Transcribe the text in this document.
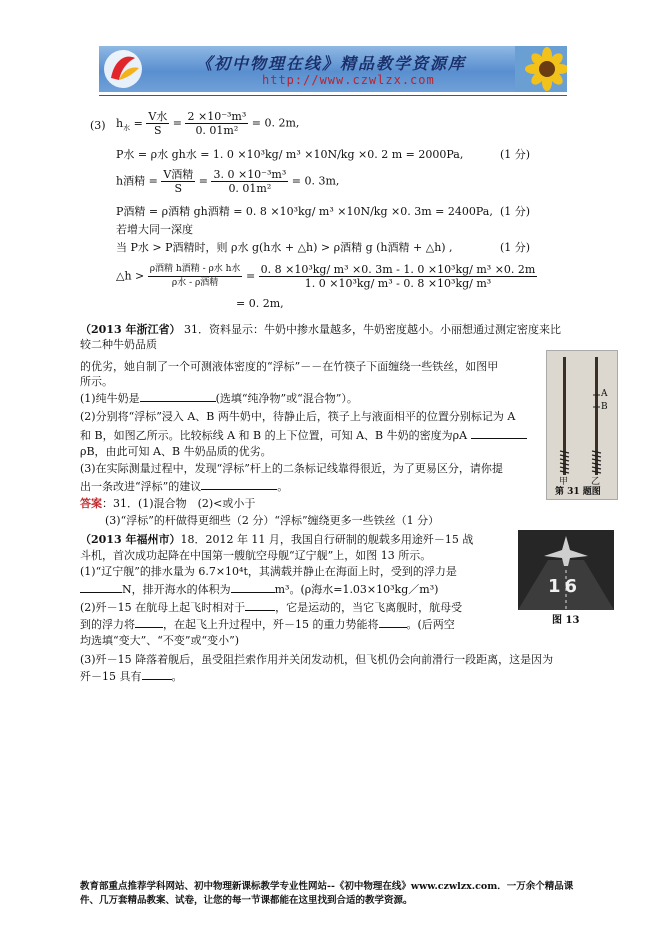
《初中物理在线》精品教学资源库
http://www.czwlzx.com
(3) $h_水 = \frac{\text{V水}}{S} = \frac{\text{2 ×10⁻³m³}}{\text{0. 01m²}} = 0$. 2m,
P水 = ρ水 gh水 = 1. 0 ×10³kg/ m³ ×10N/kg ×0. 2 m = 2000Pa,	(1 分)
h酒精 = $\frac{\text{V酒精}}{S} = \frac{\text{3. 0 ×10⁻³m³}}{\text{0. 01m²}} = 0$. 3m,
P酒精 = ρ酒精 gh酒精 = 0. 8 ×10³kg/ m³ ×10N/kg ×0. 3m = 2400Pa, (1 分)
若增大同一深度
当 P水 > P酒精时，则 ρ水 g(h水 + △h) > ρ酒精 g (h酒精 + △h) ,	(1 分)
△h > $\frac{\text{ρ酒精 h酒精 - ρ水 h水}}{\text{ρ水 - ρ酒精}} = \frac{\text{0. 8 ×10³kg/ m³ ×0. 3m - 1. 0 ×10³kg/ m³ ×0. 2m}}{\text{1. 0 ×10³kg/ m³ - 0. 8 ×10³kg/ m³}}$
= 0. 2m,
（2013 年浙江省） 31．资料显示：牛奶中掺水量越多，牛奶密度越小。小丽想通过测定密度来比
较二种牛奶品质
的优劣，她自制了一个可测液体密度的“浮标”－－在竹筷子下面缠绕一些铁丝，如图甲
所示。
(1)纯牛奶是	(选填“纯净物”或“混合物”）。
(2)分别将“浮标”浸入 A、B 两牛奶中，待静止后，筷子上与液面相平的位置分别标记为 A
和 B，如图乙所示。比较标线 A 和 B 的上下位置，可知 A、B 牛奶的密度为ρA
ρB，由此可知 A、B 牛奶品质的优劣。
(3)在实际测量过程中，发现“浮标”杆上的二条标记线靠得很近，为了更易区分，请你提
出一条改进“浮标”的建议	。
A
B
甲	乙
第 31 题图
答案：31．(1)混合物　(2)<或小于
(3)“浮标”的杆做得更细些（2 分）“浮标”缠绕更多一些铁丝（1 分）
（2013 年福州市）18．2012 年 11 月，我国自行研制的舰载多用途歼－15 战
斗机，首次成功起降在中国第一艘航空母舰“辽宁舰”上，如图 13 所示。
(1)“辽宁舰”的排水量为 6.7×10⁴t，其满载并静止在海面上时，受到的浮力是
N，排开海水的体积为	m³。(ρ海水=1.03×10³kg／m³)
(2)歼－15 在航母上起飞时相对于	，它是运动的，当它飞离舰时，航母受
到的浮力将	，在起飞上升过程中，歼－15 的重力势能将	。(后两空
均选填“变大”、“不变”或“变小”)
(3)歼－15 降落着舰后，虽受阻拦索作用并关闭发动机，但飞机仍会向前滑行一段距离，这是因为
歼－15 具有	。
16
图 13
教育部重点推荐学科网站、初中物理新课标教学专业性网站--《初中物理在线》www.czwlzx.com．一万余个精品课件、几万套精品教案、试卷，让您的每一节课都能在这里找到合适的教学资源。
